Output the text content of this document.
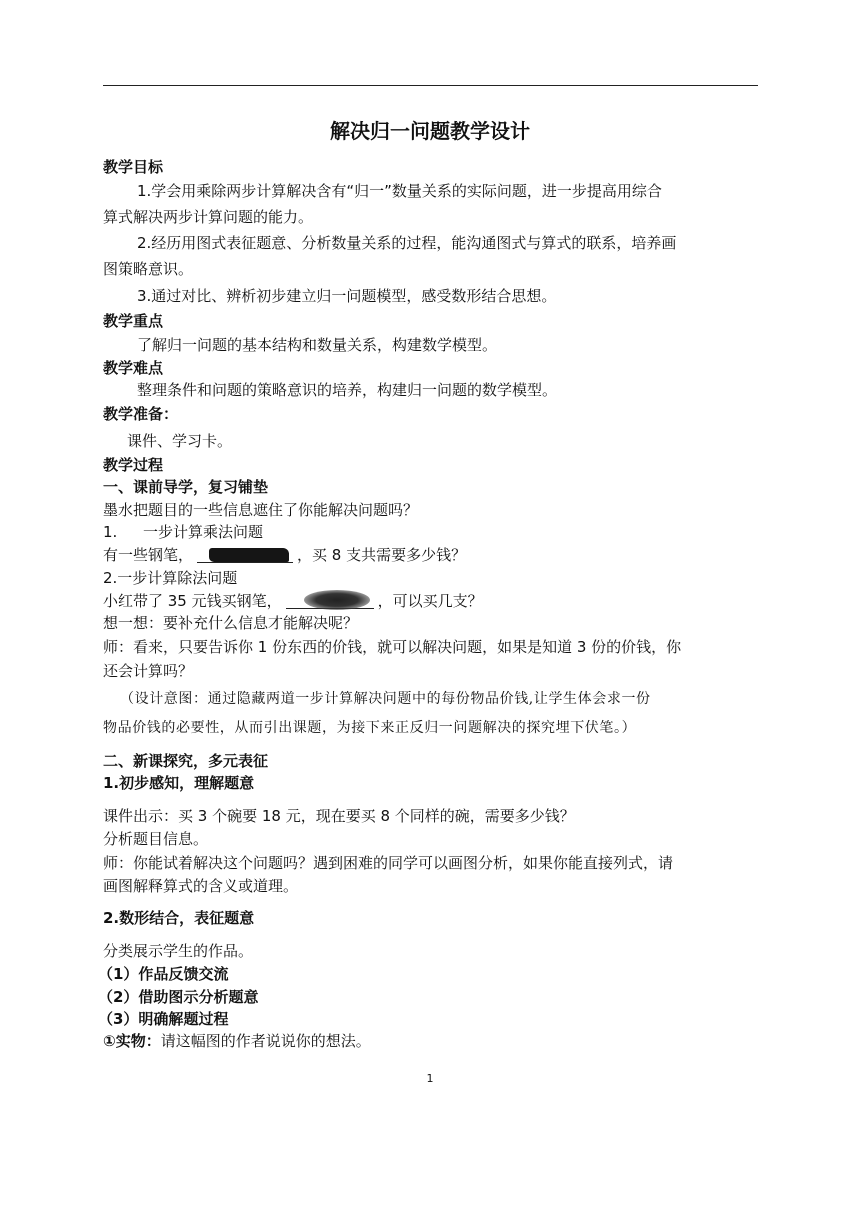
解决归一问题教学设计
教学目标
1.学会用乘除两步计算解决含有“归一”数量关系的实际问题，进一步提高用综合
算式解决两步计算问题的能力。
2.经历用图式表征题意、分析数量关系的过程，能沟通图式与算式的联系，培养画
图策略意识。
3.通过对比、辨析初步建立归一问题模型，感受数形结合思想。
教学重点
了解归一问题的基本结构和数量关系，构建数学模型。
教学难点
整理条件和问题的策略意识的培养，构建归一问题的数学模型。
教学准备：
课件、学习卡。
教学过程
一、课前导学，复习铺垫
墨水把题目的一些信息遮住了你能解决问题吗？
1. 一步计算乘法问题
有一些钢笔，	，买 8 支共需要多少钱？
2.一步计算除法问题
小红带了 35 元钱买钢笔，	，可以买几支？
想一想：要补充什么信息才能解决呢？
师：看来，只要告诉你 1 份东西的价钱，就可以解决问题，如果是知道 3 份的价钱，你
还会计算吗？
（设计意图：通过隐藏两道一步计算解决问题中的每份物品价钱,让学生体会求一份
物品价钱的必要性，从而引出课题，为接下来正反归一问题解决的探究埋下伏笔。）
二、新课探究，多元表征
1.初步感知，理解题意
课件出示：买 3 个碗要 18 元，现在要买 8 个同样的碗，需要多少钱？
分析题目信息。
师：你能试着解决这个问题吗？遇到困难的同学可以画图分析，如果你能直接列式，请
画图解释算式的含义或道理。
2.数形结合，表征题意
分类展示学生的作品。
（1）作品反馈交流
（2）借助图示分析题意
（3）明确解题过程
①实物：请这幅图的作者说说你的想法。
1
